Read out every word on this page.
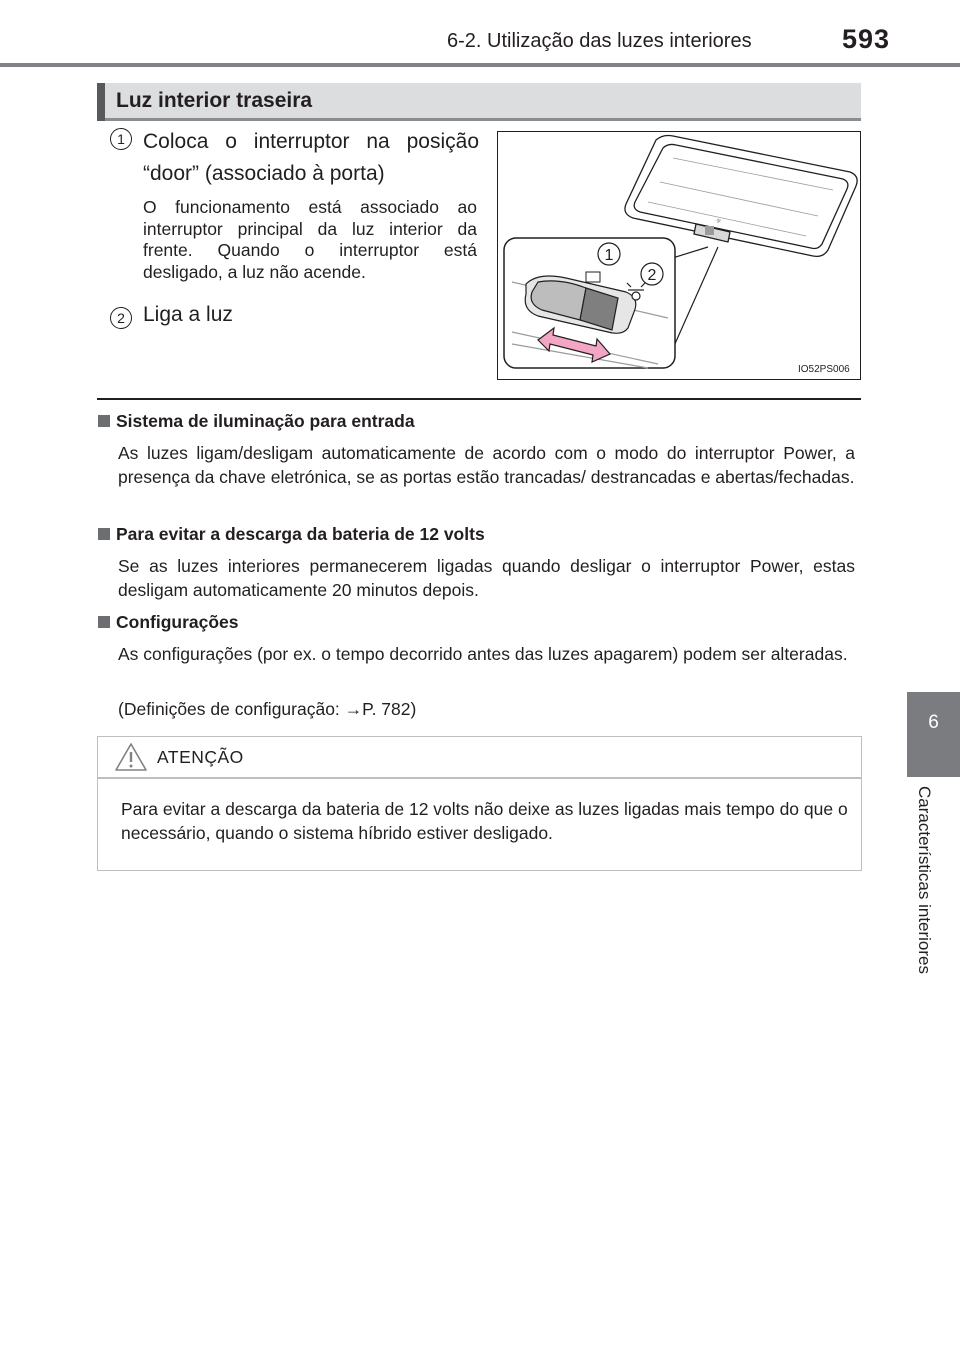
6-2. Utilização das luzes interiores	593
6
Características interiores
Luz interior traseira
1 Coloca o interruptor na posição “door” (associado à porta)
O funcionamento está associado ao interruptor principal da luz interior da frente. Quando o interruptor está desligado, a luz não acende.
2 Liga a luz
☼
1
2
IO52PS006
Sistema de iluminação para entrada
As luzes ligam/desligam automaticamente de acordo com o modo do interruptor Power, a presença da chave eletrónica, se as portas estão trancadas/ destrancadas e abertas/fechadas.
Para evitar a descarga da bateria de 12 volts
Se as luzes interiores permanecerem ligadas quando desligar o interruptor Power, estas desligam automaticamente 20 minutos depois.
Configurações
As configurações (por ex. o tempo decorrido antes das luzes apagarem) podem ser alteradas.
(Definições de configuração: →P. 782)
ATENÇÃO
Para evitar a descarga da bateria de 12 volts não deixe as luzes ligadas mais tempo do que o necessário, quando o sistema híbrido estiver desligado.
